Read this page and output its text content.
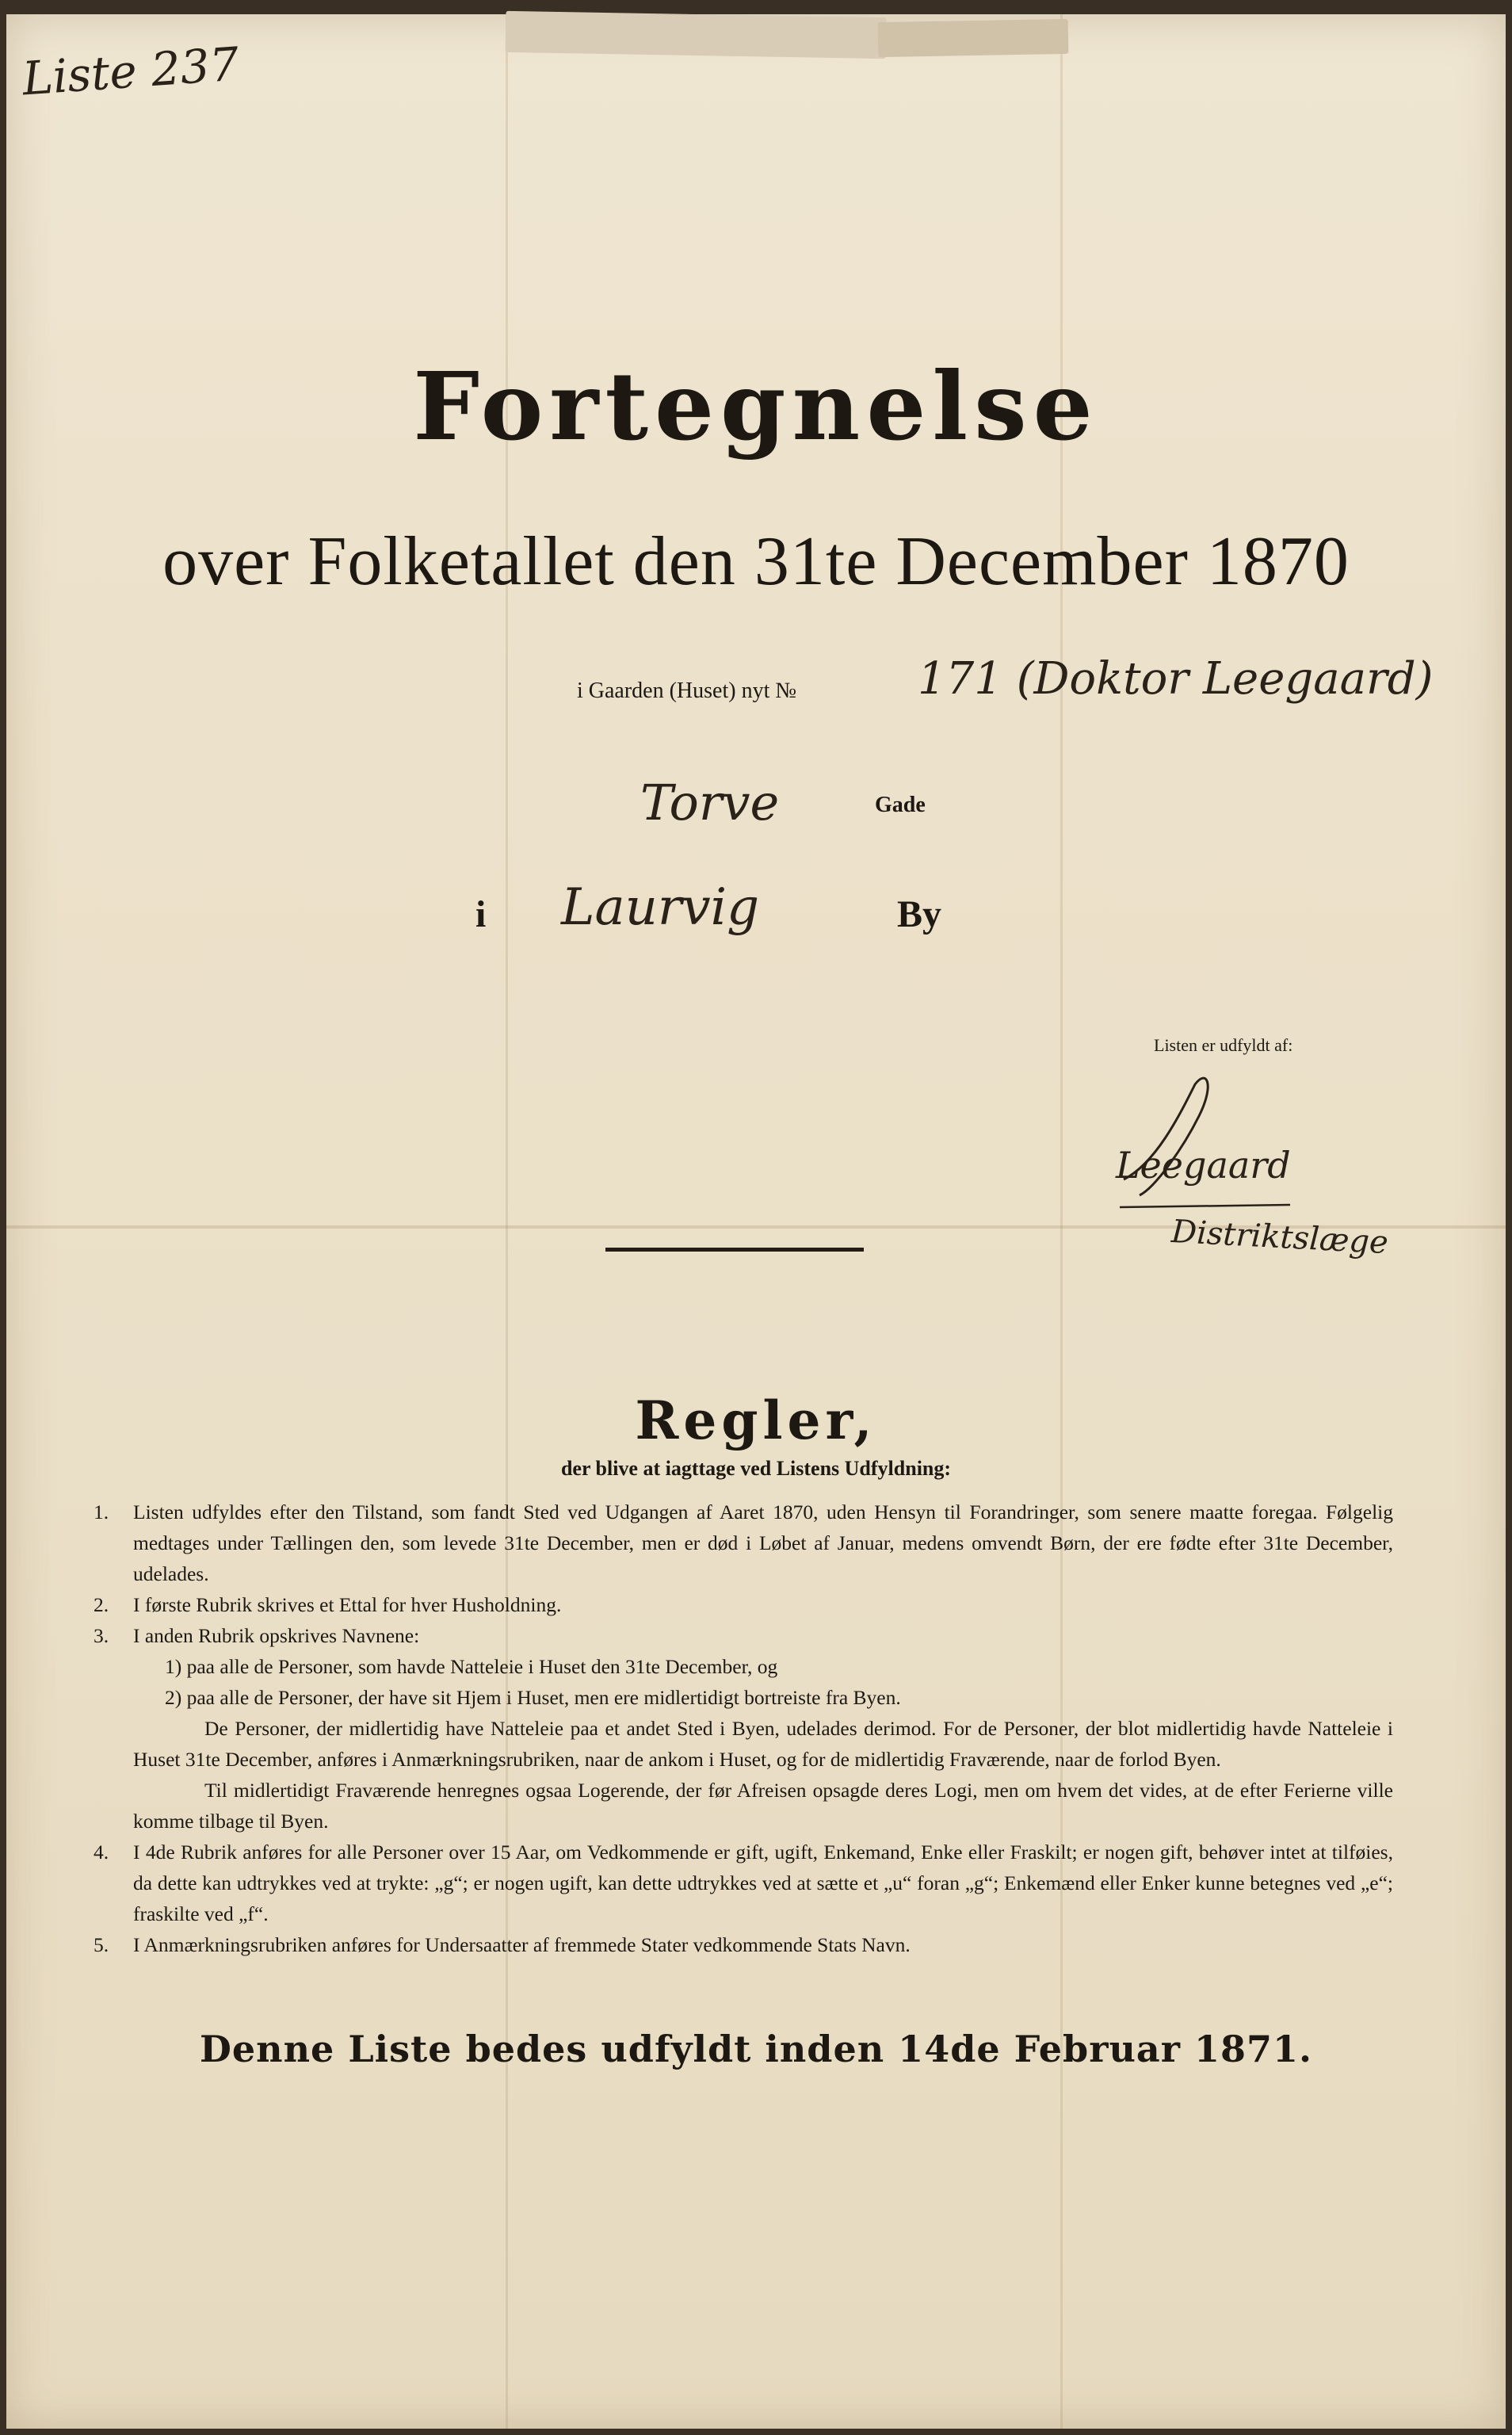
Liste 237
Fortegnelse
over Folketallet den 31te December 1870
i Gaarden (Huset) nyt №	171 (Doktor Leegaard)
Torve	Gade
i Laurvig	By
Listen er udfyldt af:
Leegaard
Distriktslæge
Regler,
der blive at iagttage ved Listens Udfyldning:
1. Listen udfyldes efter den Tilstand, som fandt Sted ved Udgangen af Aaret 1870, uden Hensyn til Forandringer, som senere maatte foregaa. Følgelig medtages under Tællingen den, som levede 31te December, men er død i Løbet af Januar, medens omvendt Børn, der ere fødte efter 31te December, udelades.
2. I første Rubrik skrives et Ettal for hver Husholdning.
3. I anden Rubrik opskrives Navnene:
1) paa alle de Personer, som havde Natteleie i Huset den 31te December, og
2) paa alle de Personer, der have sit Hjem i Huset, men ere midlertidigt bortreiste fra Byen.
De Personer, der midlertidig have Natteleie paa et andet Sted i Byen, udelades derimod. For de Personer, der blot midlertidig havde Natteleie i Huset 31te December, anføres i Anmærkningsrubriken, naar de ankom i Huset, og for de midlertidig Fraværende, naar de forlod Byen.
Til midlertidigt Fraværende henregnes ogsaa Logerende, der før Afreisen opsagde deres Logi, men om hvem det vides, at de efter Ferierne ville komme tilbage til Byen.
4. I 4de Rubrik anføres for alle Personer over 15 Aar, om Vedkommende er gift, ugift, Enkemand, Enke eller Fraskilt; er nogen gift, behøver intet at tilføies, da dette kan udtrykkes ved at trykte: „g“; er nogen ugift, kan dette udtrykkes ved at sætte et „u“ foran „g“; Enkemænd eller Enker kunne betegnes ved „e“; fraskilte ved „f“.
5. I Anmærkningsrubriken anføres for Undersaatter af fremmede Stater vedkommende Stats Navn.
Denne Liste bedes udfyldt inden 14de Februar 1871.
